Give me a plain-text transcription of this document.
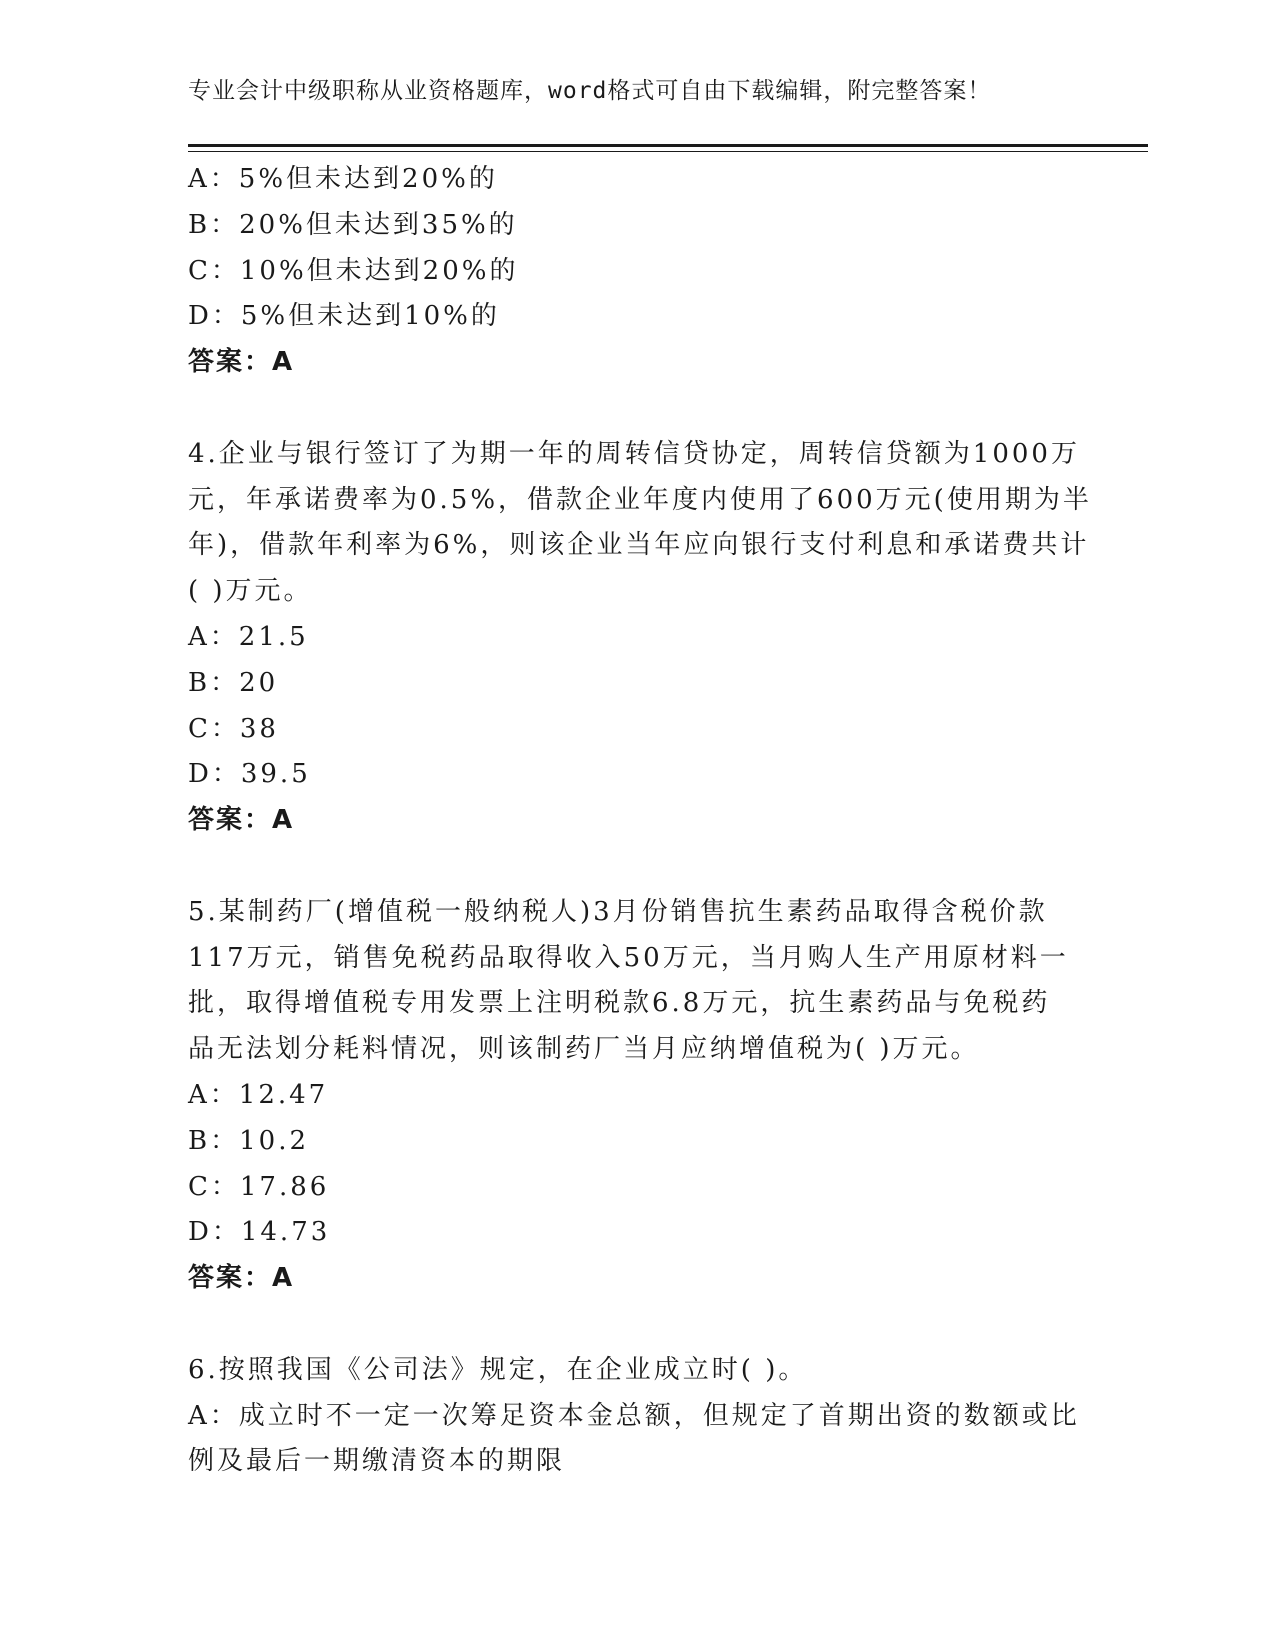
专业会计中级职称从业资格题库，word格式可自由下载编辑，附完整答案！
A：5%但未达到20%的
B：20%但未达到35%的
C：10%但未达到20%的
D：5%但未达到10%的
答案：A
4.企业与银行签订了为期一年的周转信贷协定，周转信贷额为1000万
元，年承诺费率为0.5%，借款企业年度内使用了600万元(使用期为半
年)，借款年利率为6%，则该企业当年应向银行支付利息和承诺费共计
( )万元。
A：21.5
B：20
C：38
D：39.5
答案：A
5.某制药厂(增值税一般纳税人)3月份销售抗生素药品取得含税价款
117万元，销售免税药品取得收入50万元，当月购人生产用原材料一
批，取得增值税专用发票上注明税款6.8万元，抗生素药品与免税药
品无法划分耗料情况，则该制药厂当月应纳增值税为( )万元。
A：12.47
B：10.2
C：17.86
D：14.73
答案：A
6.按照我国《公司法》规定，在企业成立时( )。
A：成立时不一定一次筹足资本金总额，但规定了首期出资的数额或比
例及最后一期缴清资本的期限
